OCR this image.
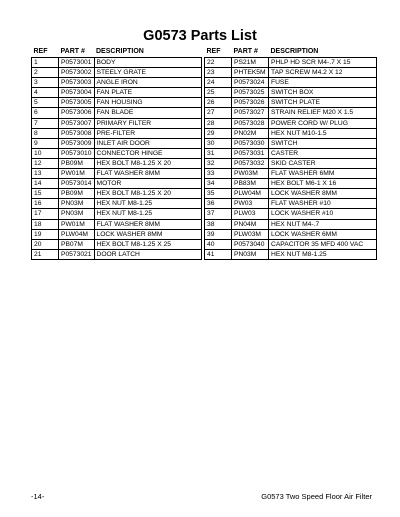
G0573 Parts List
REF	PART #	DESCRIPTION
1	P0573001	BODY
2	P0573002	STEELY GRATE
3	P0573003	ANGLE IRON
4	P0573004	FAN PLATE
5	P0573005	FAN HOUSING
6	P0573006	FAN BLADE
7	P0573007	PRIMARY FILTER
8	P0573008	PRE-FILTER
9	P0573009	INLET AIR DOOR
10	P0573010	CONNECTOR HINGE
12	PB09M	HEX BOLT M8-1.25 X 20
13	PW01M	FLAT WASHER 8MM
14	P0573014	MOTOR
15	PB09M	HEX BOLT M8-1.25 X 20
16	PN03M	HEX NUT M8-1.25
17	PN03M	HEX NUT M8-1.25
18	PW01M	FLAT WASHER 8MM
19	PLW04M	LOCK WASHER 8MM
20	PB07M	HEX BOLT M8-1.25 X 25
21	P0573021	DOOR LATCH
REF	PART #	DESCRIPTION
22	PS21M	PHLP HD SCR M4-.7 X 15
23	PHTEK5M	TAP SCREW M4.2 X 12
24	P0573024	FUSE
25	P0573025	SWITCH BOX
26	P0573026	SWITCH PLATE
27	P0573027	STRAIN RELIEF M20 X 1.5
28	P0573028	POWER CORD W/ PLUG
29	PN02M	HEX NUT M10-1.5
30	P0573030	SWITCH
31	P0573031	CASTER
32	P0573032	SKID CASTER
33	PW03M	FLAT WASHER 6MM
34	PB83M	HEX BOLT M6-1 X 16
35	PLW04M	LOCK WASHER 8MM
36	PW03	FLAT WASHER #10
37	PLW03	LOCK WASHER #10
38	PN04M	HEX NUT M4-.7
39	PLW03M	LOCK WASHER 6MM
40	P0573040	CAPACITOR 35 MFD 400 VAC
41	PN03M	HEX NUT M8-1.25
-14-	G0573 Two Speed Floor Air Filter
